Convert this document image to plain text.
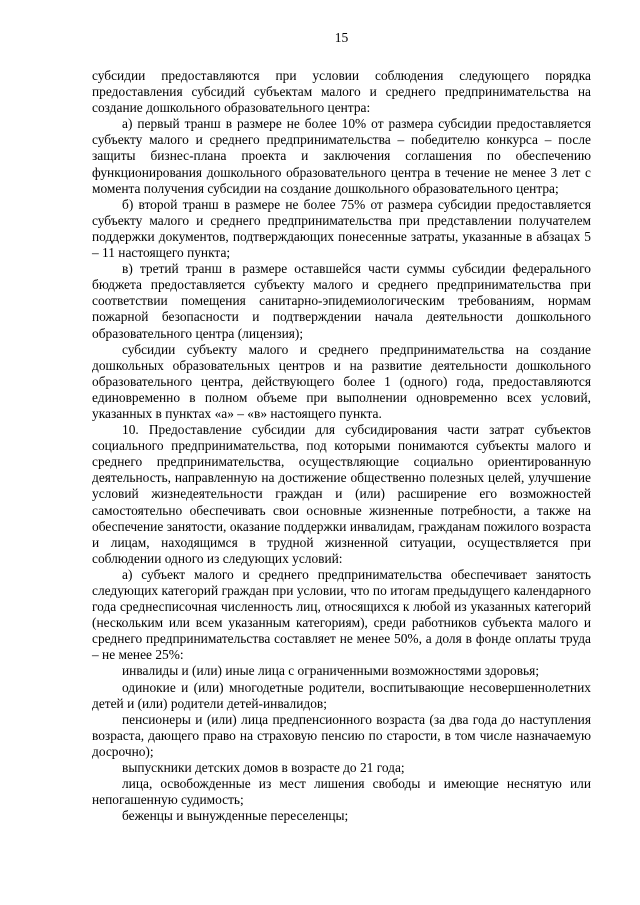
15

субсидии предоставляются при условии соблюдения следующего порядка предоставления субсидий субъектам малого и среднего предпринимательства на создание дошкольного образовательного центра:

а) первый транш в размере не более 10% от размера субсидии предоставляется субъекту малого и среднего предпринимательства – победителю конкурса – после защиты бизнес-плана проекта и заключения соглашения по обеспечению функционирования дошкольного образовательного центра в течение не менее 3 лет с момента получения субсидии на создание дошкольного образовательного центра;

б) второй транш в размере не более 75% от размера субсидии предоставляется субъекту малого и среднего предпринимательства при представлении получателем поддержки документов, подтверждающих понесенные затраты, указанные в абзацах 5 – 11 настоящего пункта;

в) третий транш в размере оставшейся части суммы субсидии федерального бюджета предоставляется субъекту малого и среднего предпринимательства при соответствии помещения санитарно-эпидемиологическим требованиям, нормам пожарной безопасности и подтверждении начала деятельности дошкольного образовательного центра (лицензия);

субсидии субъекту малого и среднего предпринимательства на создание дошкольных образовательных центров и на развитие деятельности дошкольного образовательного центра, действующего более 1 (одного) года, предоставляются единовременно в полном объеме при выполнении одновременно всех условий, указанных в пунктах «а» – «в» настоящего пункта.

10. Предоставление субсидии для субсидирования части затрат субъектов социального предпринимательства, под которыми понимаются субъекты малого и среднего предпринимательства, осуществляющие социально ориентированную деятельность, направленную на достижение общественно полезных целей, улучшение условий жизнедеятельности граждан и (или) расширение его возможностей самостоятельно обеспечивать свои основные жизненные потребности, а также на обеспечение занятости, оказание поддержки инвалидам, гражданам пожилого возраста и лицам, находящимся в трудной жизненной ситуации, осуществляется при соблюдении одного из следующих условий:

а) субъект малого и среднего предпринимательства обеспечивает занятость следующих категорий граждан при условии, что по итогам предыдущего календарного года среднесписочная численность лиц, относящихся к любой из указанных категорий (нескольким или всем указанным категориям), среди работников субъекта малого и среднего предпринимательства составляет не менее 50%, а доля в фонде оплаты труда – не менее 25%:

инвалиды и (или) иные лица с ограниченными возможностями здоровья;

одинокие и (или) многодетные родители, воспитывающие несовершеннолетних детей и (или) родители детей-инвалидов;

пенсионеры и (или) лица предпенсионного возраста (за два года до наступления возраста, дающего право на страховую пенсию по старости, в том числе назначаемую досрочно);

выпускники детских домов в возрасте до 21 года;

лица, освобожденные из мест лишения свободы и имеющие неснятую или непогашенную судимость;

беженцы и вынужденные переселенцы;
